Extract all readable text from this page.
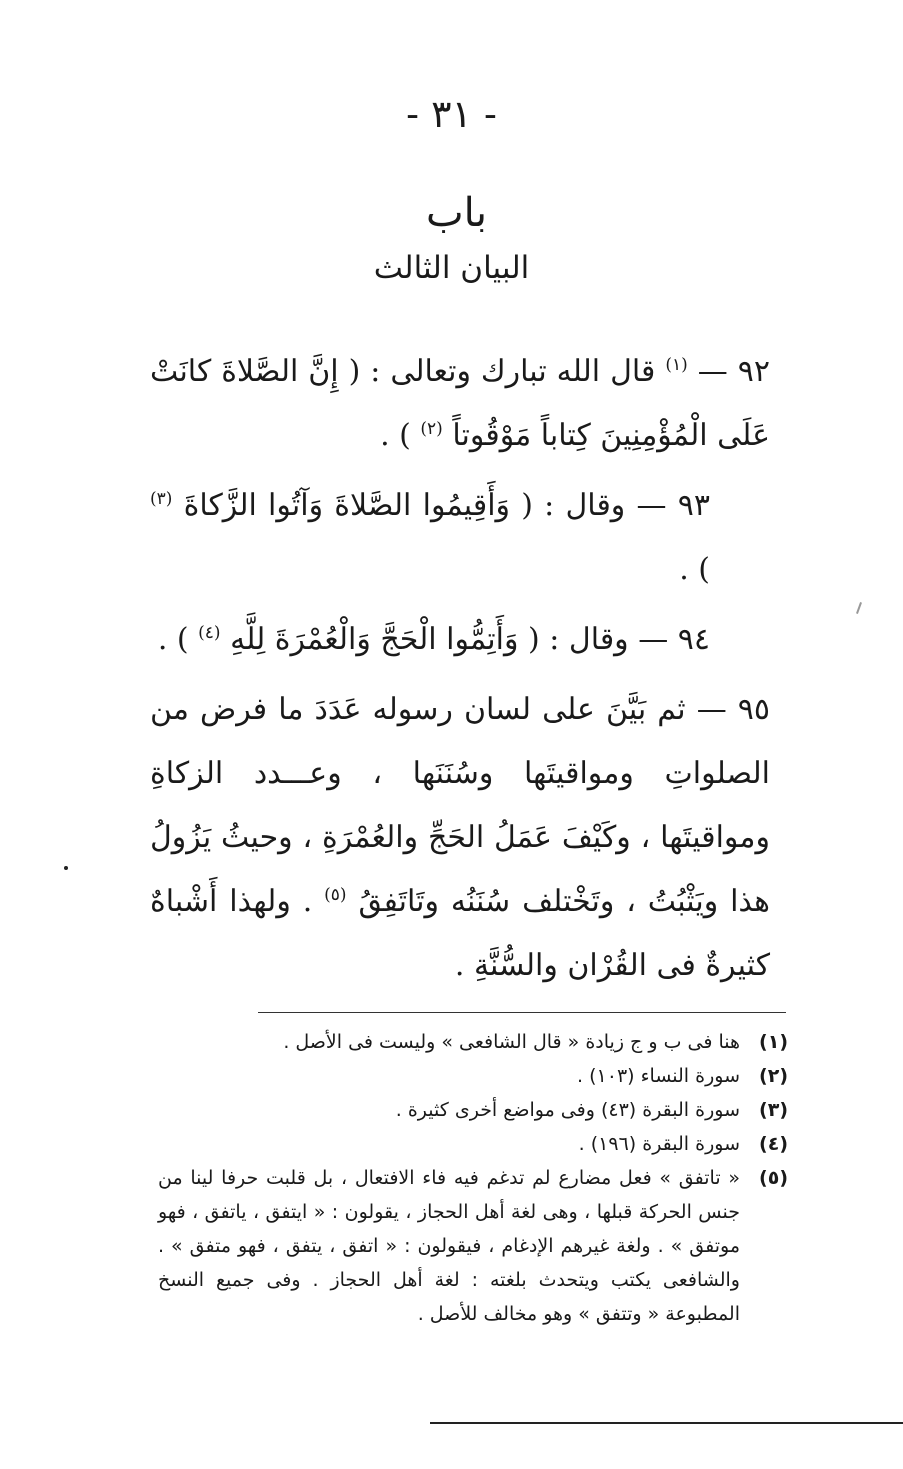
- ٣١ -
باب
البيان الثالث

٩٢ — $^{(١)}$ قال الله تبارك وتعالى : ( إِنَّ الصَّلاةَ كانَتْ عَلَى الْمُؤْمِنِينَ كِتاباً مَوْقُوتاً $^{(٢)}$ ) .

٩٣ — وقال : ( وَأَقِيمُوا الصَّلاةَ وَآتُوا الزَّكاةَ $^{(٣)}$ ) .

٩٤ — وقال : ( وَأَتِمُّوا الْحَجَّ وَالْعُمْرَةَ لِلَّهِ $^{(٤)}$ ) .

٩٥ — ثم بَيَّنَ على لسان رسوله عَدَدَ ما فرض من الصلواتِ ومواقيتَها وسُنَنَها ، وعـــدد الزكاةِ ومواقيتَها ، وكَيْفَ عَمَلُ الحَجِّ والعُمْرَةِ ، وحيثُ يَزُولُ هذا ويَثْبُتُ ، وتَخْتلف سُنَنُه وتَاتَفِقُ $^{(٥)}$ . ولهذا أَشْباهٌ كثيرةٌ فى القُرْان والسُّنَّةِ .

(١)
هنا فى ب و ج زيادة « قال الشافعى » وليست فى الأصل .
(٢)
سورة النساء (١٠٣) .
(٣)
سورة البقرة (٤٣) وفى مواضع أخرى كثيرة .
(٤)
سورة البقرة (١٩٦) .
(٥)
« تاتفق » فعل مضارع لم تدغم فيه فاء الافتعال ، بل قلبت حرفا لينا من جنس الحركة قبلها ، وهى لغة أهل الحجاز ، يقولون : « ايتفق ، ياتفق ، فهو موتفق » . ولغة غيرهم الإدغام ، فيقولون : « اتفق ، يتفق ، فهو متفق » . والشافعى يكتب ويتحدث بلغته : لغة أهل الحجاز . وفى جميع النسخ المطبوعة « وتتفق » وهو مخالف للأصل .
